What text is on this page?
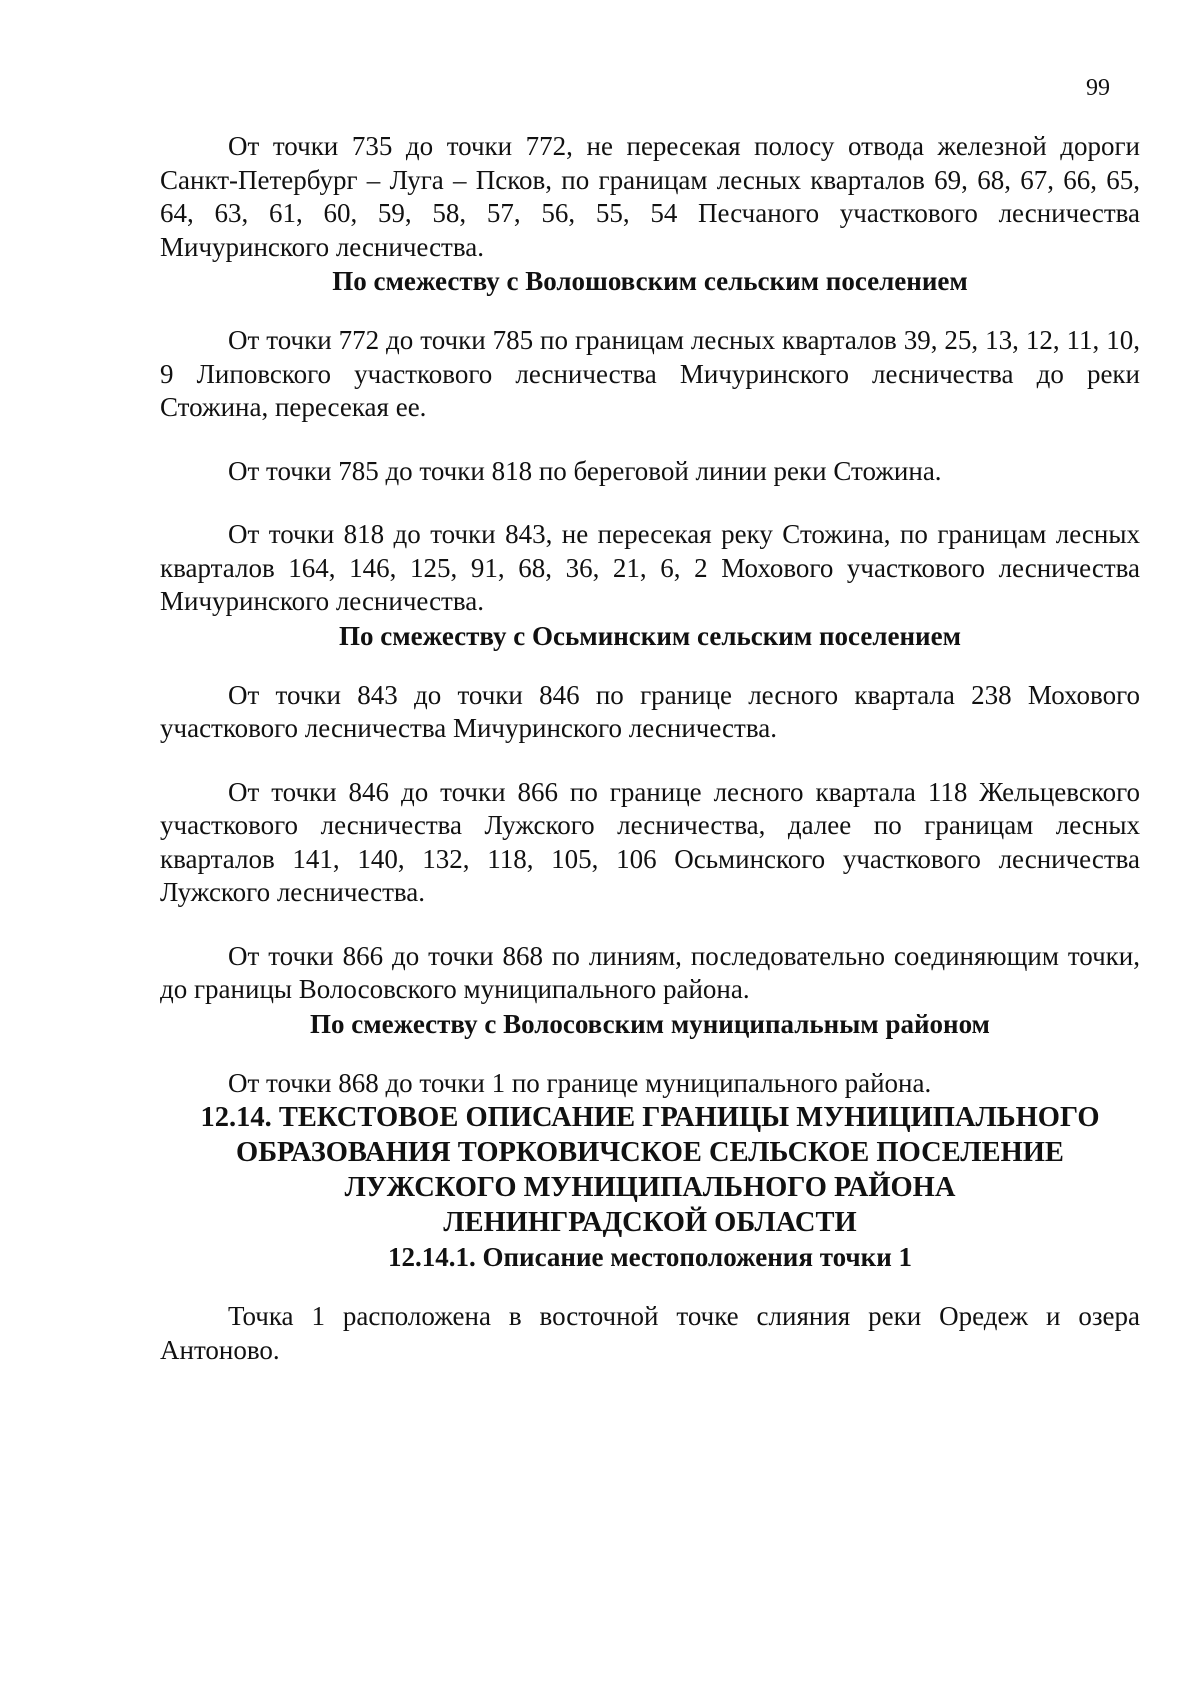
99

От точки 735 до точки 772, не пересекая полосу отвода железной дороги Санкт-Петербург – Луга – Псков, по границам лесных кварталов 69, 68, 67, 66, 65, 64, 63, 61, 60, 59, 58, 57, 56, 55, 54 Песчаного участкового лесничества Мичуринского лесничества.

По смежеству с Волошовским сельским поселением

От точки 772 до точки 785 по границам лесных кварталов 39, 25, 13, 12, 11, 10, 9 Липовского участкового лесничества Мичуринского лесничества до реки Стожина, пересекая ее.

От точки 785 до точки 818 по береговой линии реки Стожина.

От точки 818 до точки 843, не пересекая реку Стожина, по границам лесных кварталов 164, 146, 125, 91, 68, 36, 21, 6, 2 Мохового участкового лесничества Мичуринского лесничества.

По смежеству с Осьминским сельским поселением

От точки 843 до точки 846 по границе лесного квартала 238 Мохового участкового лесничества Мичуринского лесничества.

От точки 846 до точки 866 по границе лесного квартала 118 Жельцевского участкового лесничества Лужского лесничества, далее по границам лесных кварталов 141, 140, 132, 118, 105, 106 Осьминского участкового лесничества Лужского лесничества.

От точки 866 до точки 868 по линиям, последовательно соединяющим точки, до границы Волосовского муниципального района.

По смежеству с Волосовским муниципальным районом

От точки 868 до точки 1 по границе муниципального района.

12.14. ТЕКСТОВОЕ ОПИСАНИЕ ГРАНИЦЫ МУНИЦИПАЛЬНОГО
ОБРАЗОВАНИЯ ТОРКОВИЧСКОЕ СЕЛЬСКОЕ ПОСЕЛЕНИЕ
ЛУЖСКОГО МУНИЦИПАЛЬНОГО РАЙОНА
ЛЕНИНГРАДСКОЙ ОБЛАСТИ
12.14.1. Описание местоположения точки 1

Точка 1 расположена в восточной точке слияния реки Оредеж и озера Антоново.
